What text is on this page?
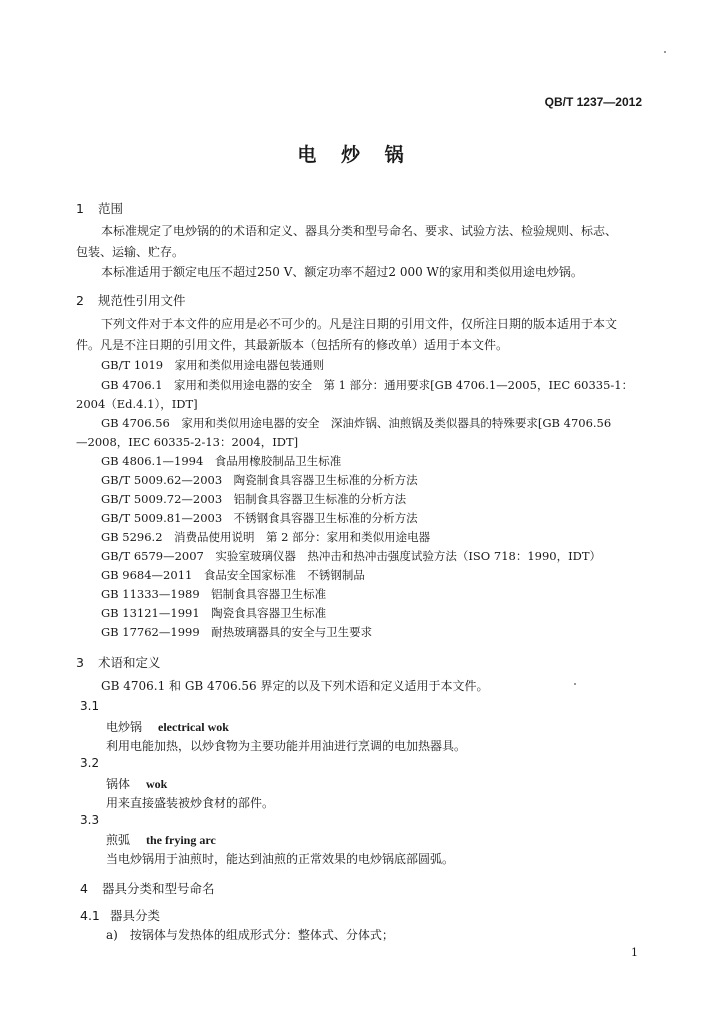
QB/T 1237—2012
电 炒 锅
1 范围
本标准规定了电炒锅的的术语和定义、器具分类和型号命名、要求、试验方法、检验规则、标志、
包装、运输、贮存。
本标准适用于额定电压不超过250 V、额定功率不超过2 000 W的家用和类似用途电炒锅。
2 规范性引用文件
下列文件对于本文件的应用是必不可少的。凡是注日期的引用文件，仅所注日期的版本适用于本文
件。凡是不注日期的引用文件，其最新版本（包括所有的修改单）适用于本文件。
GB/T 1019　家用和类似用途电器包装通则
GB 4706.1　家用和类似用途电器的安全　第 1 部分：通用要求[GB 4706.1—2005，IEC 60335-1：
2004（Ed.4.1），IDT]
GB 4706.56　家用和类似用途电器的安全　深油炸锅、油煎锅及类似器具的特殊要求[GB 4706.56
—2008，IEC 60335-2-13：2004，IDT]
GB 4806.1—1994　食品用橡胶制品卫生标准
GB/T 5009.62—2003　陶瓷制食具容器卫生标准的分析方法
GB/T 5009.72—2003　铝制食具容器卫生标准的分析方法
GB/T 5009.81—2003　不锈钢食具容器卫生标准的分析方法
GB 5296.2　消费品使用说明　第 2 部分：家用和类似用途电器
GB/T 6579—2007　实验室玻璃仪器　热冲击和热冲击强度试验方法（ISO 718：1990，IDT）
GB 9684—2011　食品安全国家标准　不锈钢制品
GB 11333—1989　铝制食具容器卫生标准
GB 13121—1991　陶瓷食具容器卫生标准
GB 17762—1999　耐热玻璃器具的安全与卫生要求
3 术语和定义
GB 4706.1 和 GB 4706.56 界定的以及下列术语和定义适用于本文件。
3.1
电炒锅 electrical wok
利用电能加热，以炒食物为主要功能并用油进行烹调的电加热器具。
3.2
锅体 wok
用来直接盛装被炒食材的部件。
3.3
煎弧 the frying arc
当电炒锅用于油煎时，能达到油煎的正常效果的电炒锅底部圆弧。
4 器具分类和型号命名
4.1 器具分类
a)　按锅体与发热体的组成形式分：整体式、分体式；
1
